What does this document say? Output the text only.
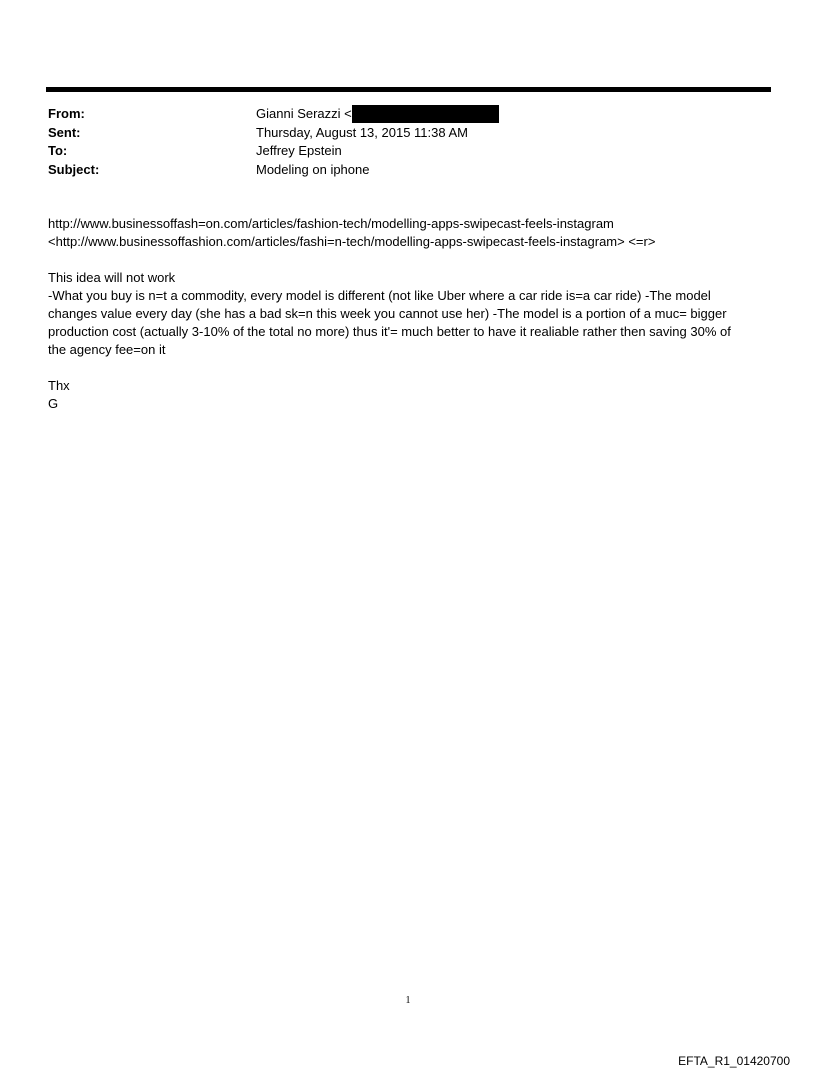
From:	Gianni Serazzi <
Sent:	Thursday, August 13, 2015 11:38 AM
To:	Jeffrey Epstein
Subject:	Modeling on iphone

http://www.businessoffash=on.com/articles/fashion-tech/modelling-apps-swipecast-feels-instagram

<http://www.businessoffashion.com/articles/fashi=n-tech/modelling-apps-swipecast-feels-instagram> <=r>

This idea will not work

-What you buy is n=t a commodity, every model is different (not like Uber where a car ride is=a car ride) -The model

changes value every day (she has a bad sk=n this week you cannot use her) -The model is a portion of a muc= bigger

production cost (actually 3-10% of the total no more) thus it'= much better to have it realiable rather then saving 30% of

the agency fee=on it

Thx

G

1
EFTA_R1_01420700
